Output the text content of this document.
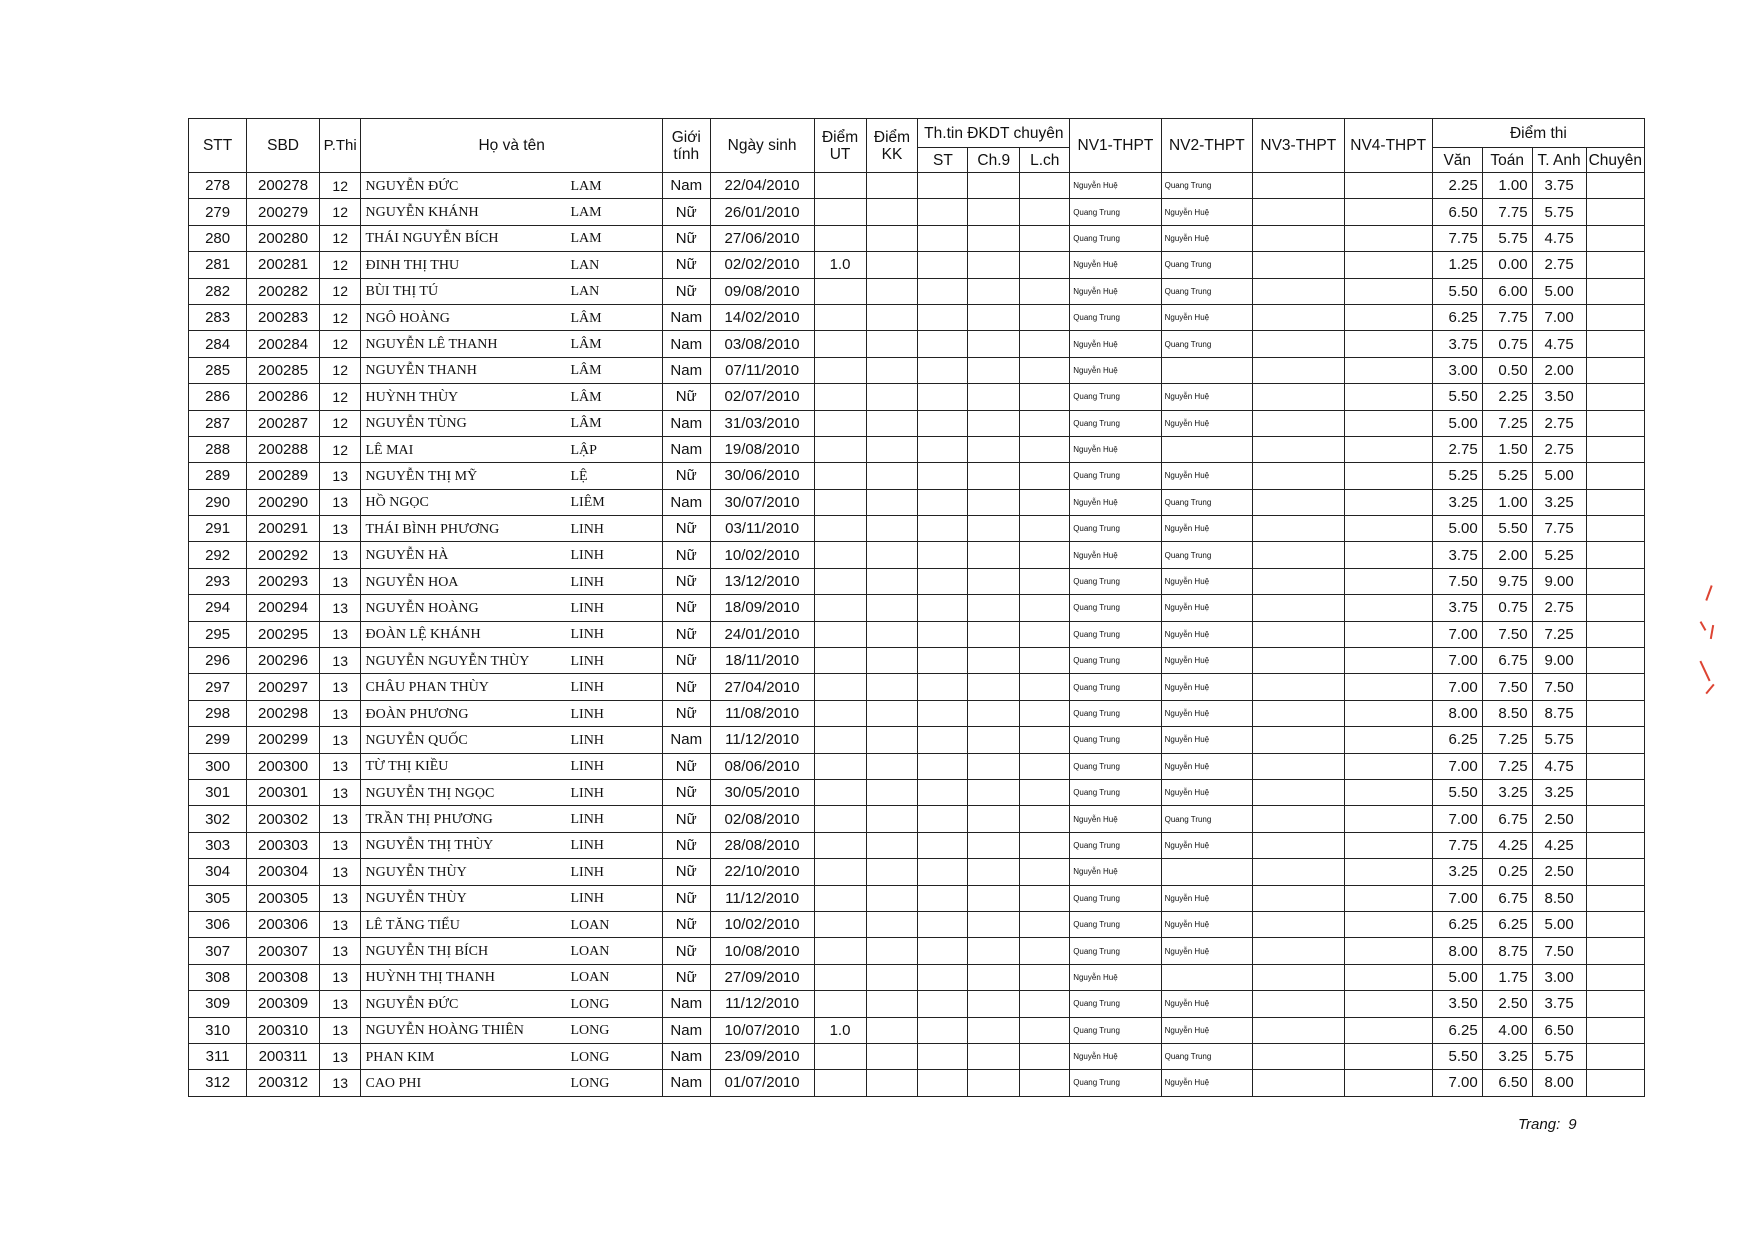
STT	SBD	P.Thi	Họ và tên	Giới tính	Ngày sinh	Điểm UT	Điểm KK	Th.tin ĐKDT chuyên			NV1-THPT	NV2-THPT	NV3-THPT	NV4-THPT	Điểm thi			
								ST	Ch.9	L.ch					Văn	Toán	T. Anh	Chuyên
278	200278	12	NGUYỄN ĐỨC LAM	Nam	22/04/2010						Nguyễn Huệ	Quang Trung			2.25	1.00	3.75	
279	200279	12	NGUYỄN KHÁNH LAM	Nữ	26/01/2010						Quang Trung	Nguyễn Huệ			6.50	7.75	5.75	
280	200280	12	THÁI NGUYỄN BÍCH LAM	Nữ	27/06/2010						Quang Trung	Nguyễn Huệ			7.75	5.75	4.75	
281	200281	12	ĐINH THỊ THU LAN	Nữ	02/02/2010	1.0					Nguyễn Huệ	Quang Trung			1.25	0.00	2.75	
282	200282	12	BÙI THỊ TÚ LAN	Nữ	09/08/2010						Nguyễn Huệ	Quang Trung			5.50	6.00	5.00	
283	200283	12	NGÔ HOÀNG LÂM	Nam	14/02/2010						Quang Trung	Nguyễn Huệ			6.25	7.75	7.00	
284	200284	12	NGUYỄN LÊ THANH LÂM	Nam	03/08/2010						Nguyễn Huệ	Quang Trung			3.75	0.75	4.75	
285	200285	12	NGUYỄN THANH LÂM	Nam	07/11/2010						Nguyễn Huệ				3.00	0.50	2.00	
286	200286	12	HUỲNH THÙY LÂM	Nữ	02/07/2010						Quang Trung	Nguyễn Huệ			5.50	2.25	3.50	
287	200287	12	NGUYỄN TÙNG LÂM	Nam	31/03/2010						Quang Trung	Nguyễn Huệ			5.00	7.25	2.75	
288	200288	12	LÊ MAI LẬP	Nam	19/08/2010						Nguyễn Huệ				2.75	1.50	2.75	
289	200289	13	NGUYỄN THỊ MỸ LỆ	Nữ	30/06/2010						Quang Trung	Nguyễn Huệ			5.25	5.25	5.00	
290	200290	13	HỒ NGỌC LIÊM	Nam	30/07/2010						Nguyễn Huệ	Quang Trung			3.25	1.00	3.25	
291	200291	13	THÁI BÌNH PHƯƠNG LINH	Nữ	03/11/2010						Quang Trung	Nguyễn Huệ			5.00	5.50	7.75	
292	200292	13	NGUYỄN HÀ LINH	Nữ	10/02/2010						Nguyễn Huệ	Quang Trung			3.75	2.00	5.25	
293	200293	13	NGUYỄN HOA LINH	Nữ	13/12/2010						Quang Trung	Nguyễn Huệ			7.50	9.75	9.00	
294	200294	13	NGUYỄN HOÀNG LINH	Nữ	18/09/2010						Quang Trung	Nguyễn Huệ			3.75	0.75	2.75	
295	200295	13	ĐOÀN LỆ KHÁNH LINH	Nữ	24/01/2010						Quang Trung	Nguyễn Huệ			7.00	7.50	7.25	
296	200296	13	NGUYỄN NGUYỄN THÙY LINH	Nữ	18/11/2010						Quang Trung	Nguyễn Huệ			7.00	6.75	9.00	
297	200297	13	CHÂU PHAN THÙY LINH	Nữ	27/04/2010						Quang Trung	Nguyễn Huệ			7.00	7.50	7.50	
298	200298	13	ĐOÀN PHƯƠNG LINH	Nữ	11/08/2010						Quang Trung	Nguyễn Huệ			8.00	8.50	8.75	
299	200299	13	NGUYỄN QUỐC LINH	Nam	11/12/2010						Quang Trung	Nguyễn Huệ			6.25	7.25	5.75	
300	200300	13	TỪ THỊ KIỀU LINH	Nữ	08/06/2010						Quang Trung	Nguyễn Huệ			7.00	7.25	4.75	
301	200301	13	NGUYỄN THỊ NGỌC LINH	Nữ	30/05/2010						Quang Trung	Nguyễn Huệ			5.50	3.25	3.25	
302	200302	13	TRẦN THỊ PHƯƠNG LINH	Nữ	02/08/2010						Nguyễn Huệ	Quang Trung			7.00	6.75	2.50	
303	200303	13	NGUYỄN THỊ THÙY LINH	Nữ	28/08/2010						Quang Trung	Nguyễn Huệ			7.75	4.25	4.25	
304	200304	13	NGUYỄN THÙY LINH	Nữ	22/10/2010						Nguyễn Huệ				3.25	0.25	2.50	
305	200305	13	NGUYỄN THÙY LINH	Nữ	11/12/2010						Quang Trung	Nguyễn Huệ			7.00	6.75	8.50	
306	200306	13	LÊ TĂNG TIỂU LOAN	Nữ	10/02/2010						Quang Trung	Nguyễn Huệ			6.25	6.25	5.00	
307	200307	13	NGUYỄN THỊ BÍCH LOAN	Nữ	10/08/2010						Quang Trung	Nguyễn Huệ			8.00	8.75	7.50	
308	200308	13	HUỲNH THỊ THANH LOAN	Nữ	27/09/2010						Nguyễn Huệ				5.00	1.75	3.00	
309	200309	13	NGUYỄN ĐỨC LONG	Nam	11/12/2010						Quang Trung	Nguyễn Huệ			3.50	2.50	3.75	
310	200310	13	NGUYỄN HOÀNG THIÊN LONG	Nam	10/07/2010	1.0					Quang Trung	Nguyễn Huệ			6.25	4.00	6.50	
311	200311	13	PHAN KIM LONG	Nam	23/09/2010						Nguyễn Huệ	Quang Trung			5.50	3.25	5.75	
312	200312	13	CAO PHI LONG	Nam	01/07/2010						Quang Trung	Nguyễn Huệ			7.00	6.50	8.00	
Trang: 9
